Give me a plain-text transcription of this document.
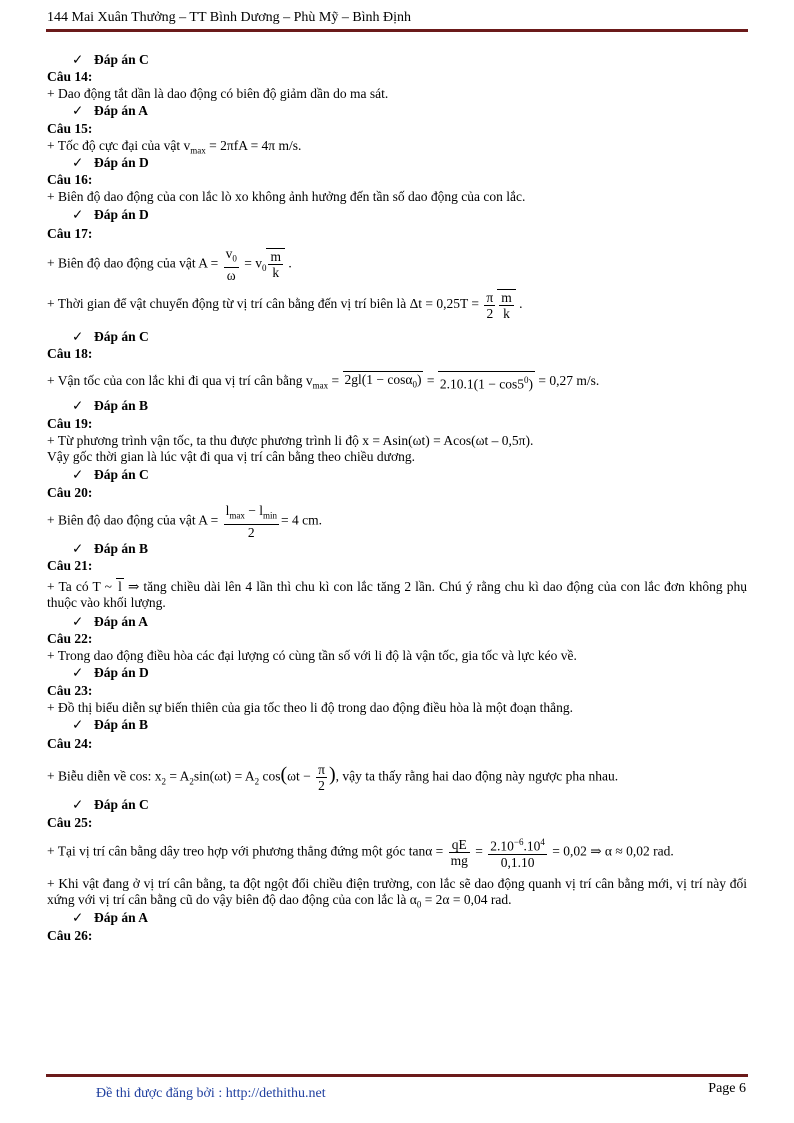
144 Mai Xuân Thưởng – TT Bình Dương – Phù Mỹ – Bình Định
✓ Đáp án C
Câu 14:
+ Dao động tắt dần là dao động có biên độ giảm dần do ma sát.
✓ Đáp án A
Câu 15:
+ Tốc độ cực đại của vật $v_{max} = 2\pi fA = 4\pi$ m/s.
✓ Đáp án D
Câu 16:
+ Biên độ dao động của con lắc lò xo không ảnh hưởng đến tần số dao động của con lắc.
✓ Đáp án D
Câu 17:
+ Biên độ dao động của vật $A = \frac{v_0}{\omega} = v_0 \frac{m}{k}$ .
+ Thời gian để vật chuyển động từ vị trí cân bằng đến vị trí biên là $\Delta t = 0,25T = \frac{\pi}{2} \frac{m}{k}$ .
✓ Đáp án C
Câu 18:
+ Vận tốc của con lắc khi đi qua vị trí cân bằng $v_{max} = 2gl(1 - \cos\alpha_0) = 2.10.1(1 - \cos 5^0) = 0,27$ m/s.
✓ Đáp án B
Câu 19:
+ Từ phương trình vận tốc, ta thu được phương trình li độ x = Asin(ωt) = Acos(ωt – 0,5π).
Vậy gốc thời gian là lúc vật đi qua vị trí cân bằng theo chiều dương.
✓ Đáp án C
Câu 20:
+ Biên độ dao động của vật $A = \frac{l_{max} - l_{min}}{2} = 4$ cm.
✓ Đáp án B
Câu 21:
+ Ta có T ~ l ⇒ tăng chiều dài lên 4 lần thì chu kì con lắc tăng 2 lần. Chú ý rằng chu kì dao động của con lắc đơn không phụ thuộc vào khối lượng.
✓ Đáp án A
Câu 22:
+ Trong dao động điều hòa các đại lượng có cùng tần số với li độ là vận tốc, gia tốc và lực kéo về.
✓ Đáp án D
Câu 23:
+ Đồ thị biểu diễn sự biến thiên của gia tốc theo li độ trong dao động điều hòa là một đoạn thẳng.
✓ Đáp án B
Câu 24:
+ Biễu diễn về cos: $x_2 = A_2\sin(\omega t) = A_2$ $\cos(\omega t - \frac{\pi}{2}$ ), vậy ta thấy rằng hai dao động này ngược pha nhau.
✓ Đáp án C
Câu 25:
+ Tại vị trí cân bằng dây treo hợp với phương thẳng đứng một góc $\tan\alpha = \frac{qE}{mg} = \frac{2.10^{-6}.10^4}{0,1.10} = 0,02$ ⇒ α ≈ 0,02 rad.
+ Khi vật đang ở vị trí cân bằng, ta đột ngột đổi chiều điện trường, con lắc sẽ dao động quanh vị trí cân bằng mới, vị trí này đối xứng với vị trí cân bằng cũ do vậy biên độ dao động của con lắc là $\alpha_0 = 2\alpha = 0,04$ rad.
✓ Đáp án A
Câu 26:
Đề thi được đăng bởi : http://dethithu.net	Page 6
